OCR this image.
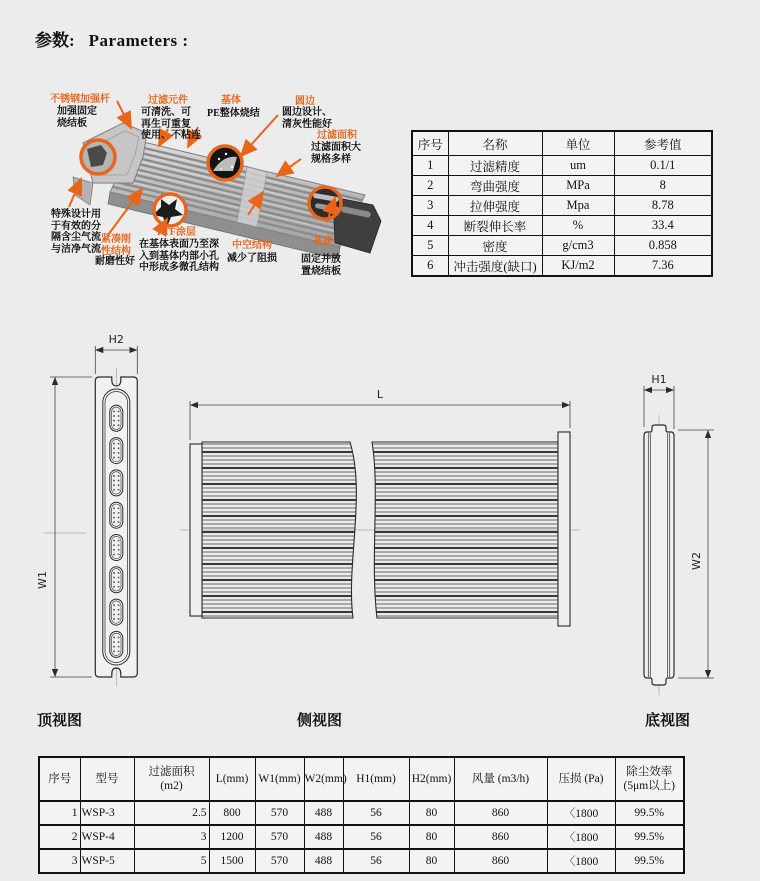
参数: Parameters :
不锈钢加强杆
加强固定
烧结板
过滤元件
可清洗、可
再生可重复
使用、不粘连
基体
PE整体烧结
圆边
圆边设计、
清灰性能好
过滤面积
过滤面积大
规格多样
特殊设计用
于有效的分
隔含尘气流
与洁净气流
紧凑刚
性结构
耐磨性好
PTF涂层
在基体表面乃至深
入到基体内部小孔
中形成多微孔结构
中空结构
减少了阻损
基座
固定并放
置烧结板
序号	名称	单位	参考值
1	过滤精度	um	0.1/1
2	弯曲强度	MPa	8
3	拉伸强度	Mpa	8.78
4	断裂伸长率	%	33.4
5	密度	g/cm3	0.858
6	冲击强度(缺口)	KJ/m2	7.36
H2
W1
L
H1
W2
顶视图	侧视图	底视图
序号	型号	过滤面积
(m2)	L(mm)	W1(mm)	W2(mm)	H1(mm)	H2(mm)	风量 (m3/h)	压损 (Pa)	除尘效率
(5μm以上)
1	WSP-3	2.5	800	570	488	56	80	860	〈1800	99.5%
2	WSP-4	3	1200	570	488	56	80	860	〈1800	99.5%
3	WSP-5	5	1500	570	488	56	80	860	〈1800	99.5%
